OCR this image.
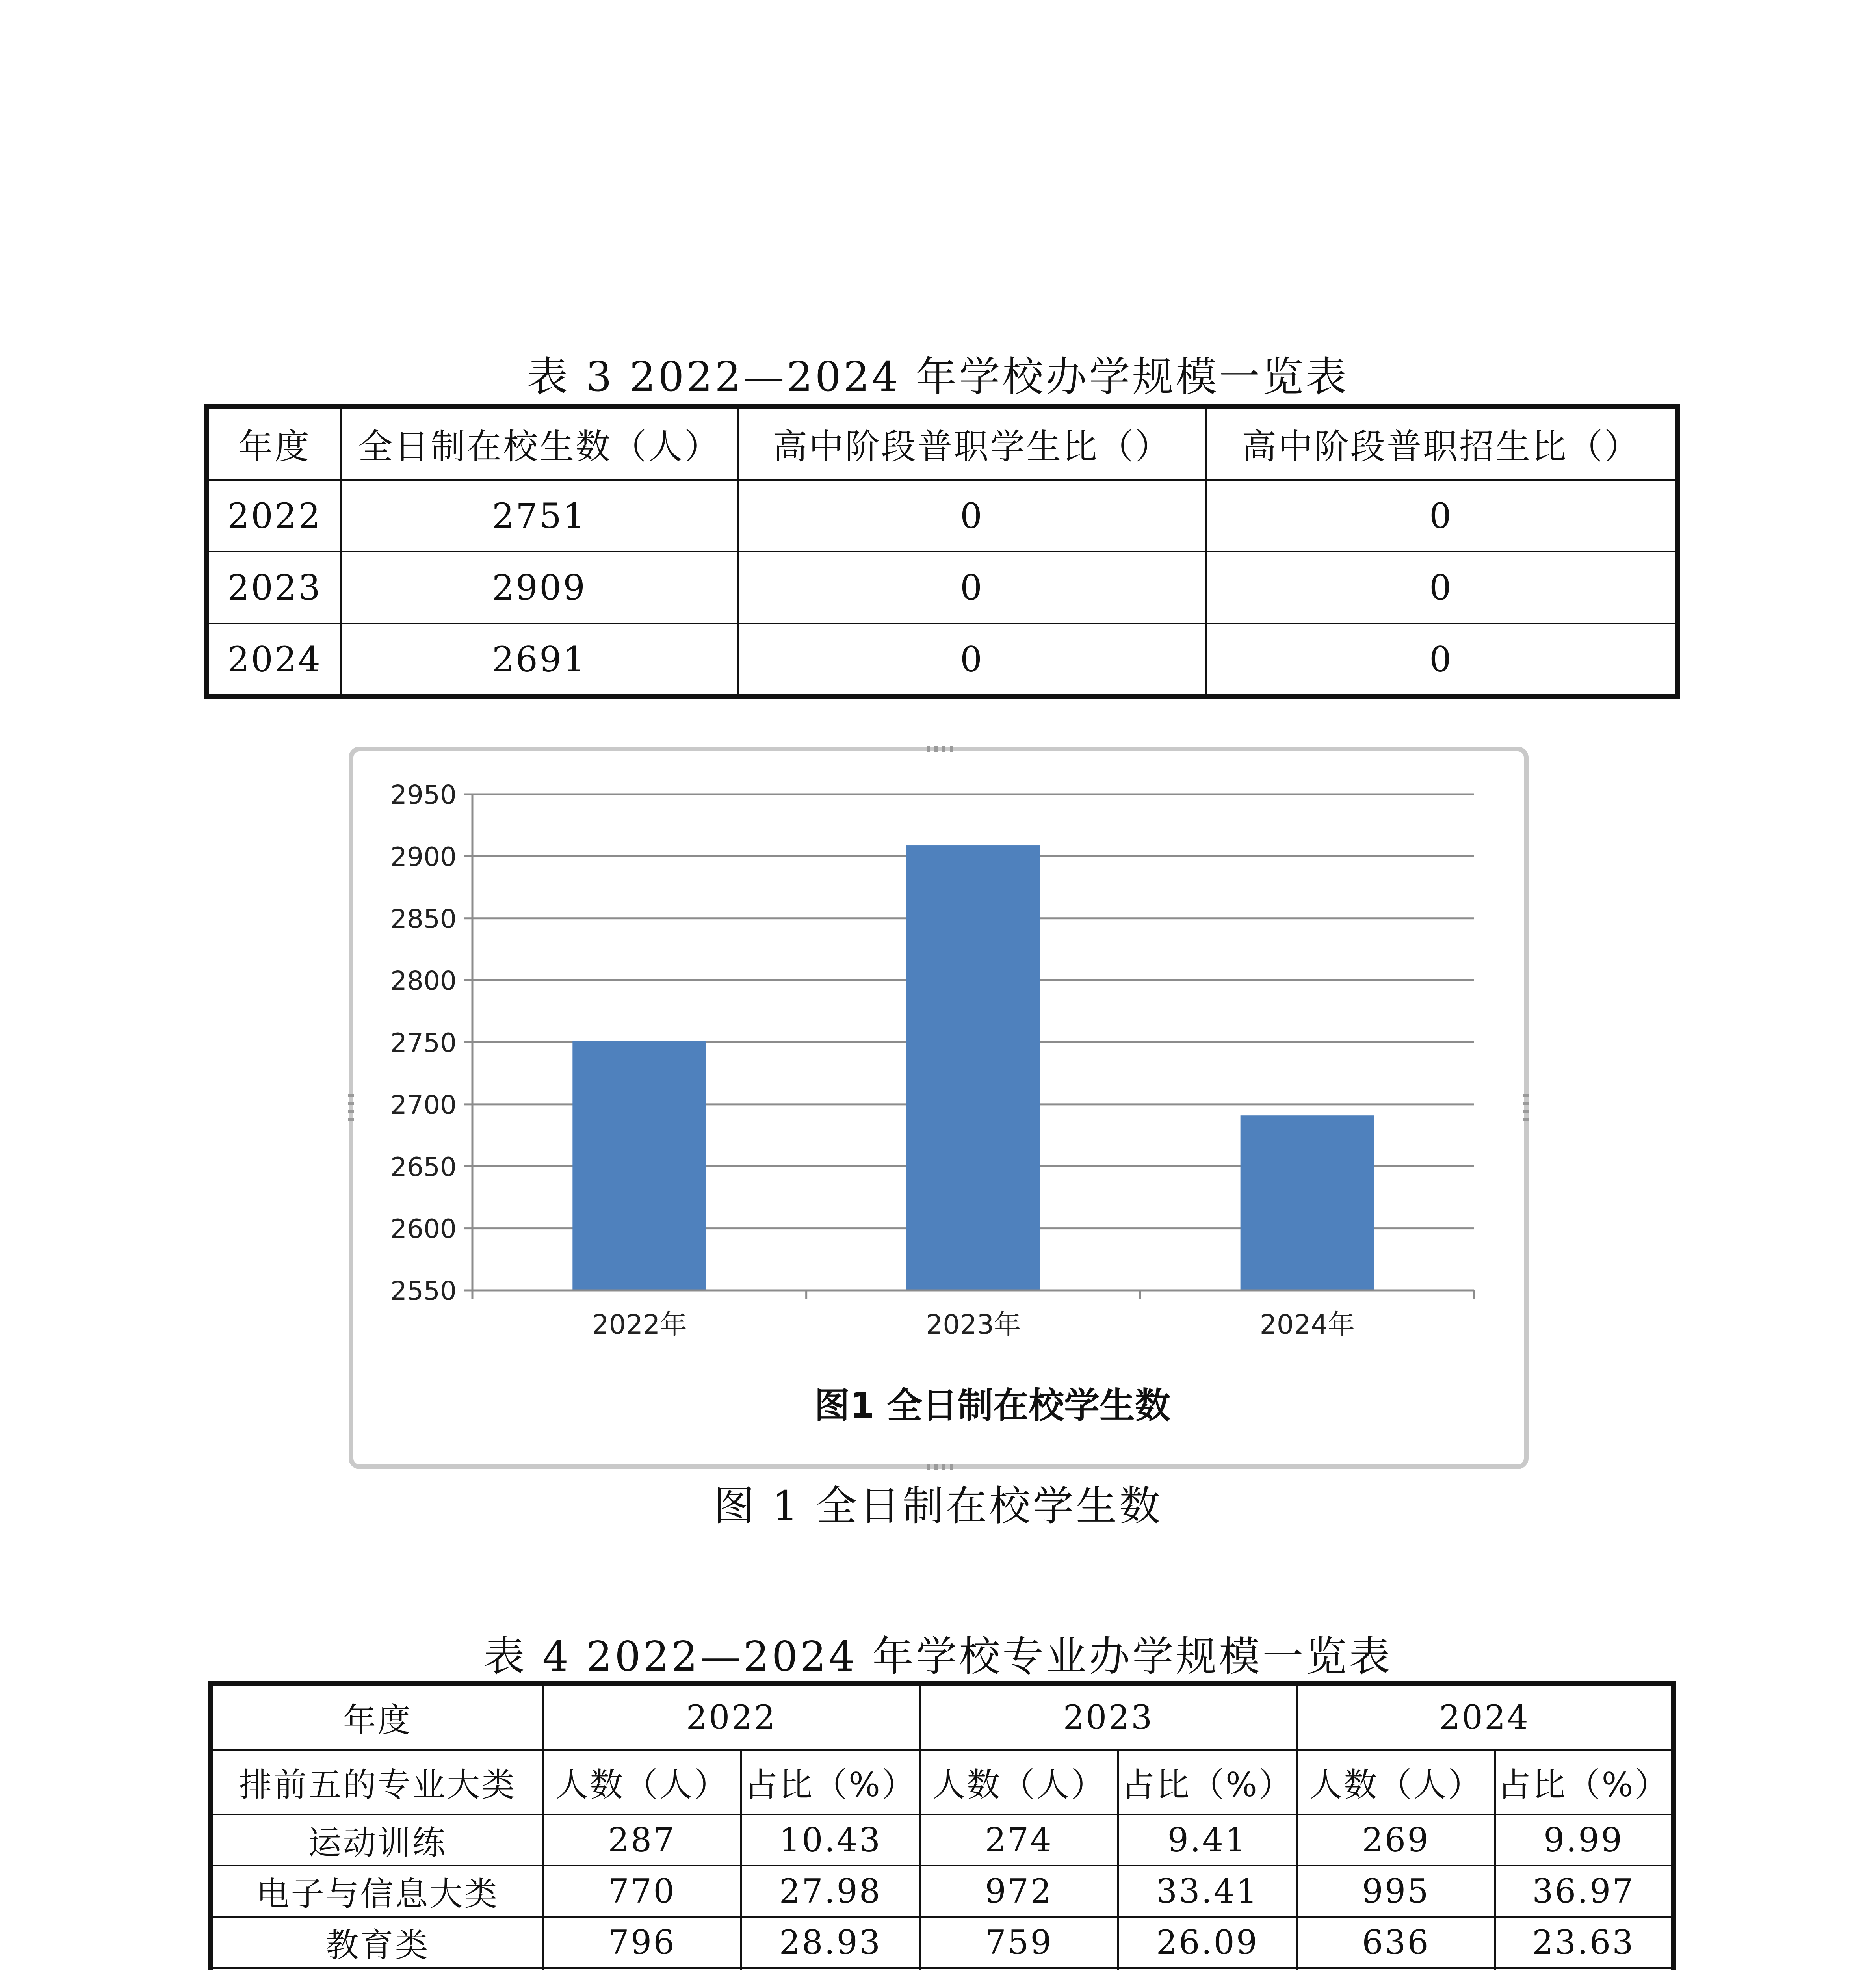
表 3 2022—2024 年学校办学规模一览表
年度	全日制在校生数（人）	高中阶段普职学生比（）	高中阶段普职招生比（）
2022	2751	0	0
2023	2909	0	0
2024	2691	0	0
2550
2600
2650
2700
2750
2800
2850
2900
2950
2022年	2023年	2024年
图1 全日制在校学生数
图 1 全日制在校学生数
表 4 2022—2024 年学校专业办学规模一览表
年度	2022		2023		2024	
排前五的专业大类	人数（人）	占比（%）	人数（人）	占比（%）	人数（人）	占比（%）
运动训练	287	10.43	274	9.41	269	9.99
电子与信息大类	770	27.98	972	33.41	995	36.97
教育类	796	28.93	759	26.09	636	23.63
